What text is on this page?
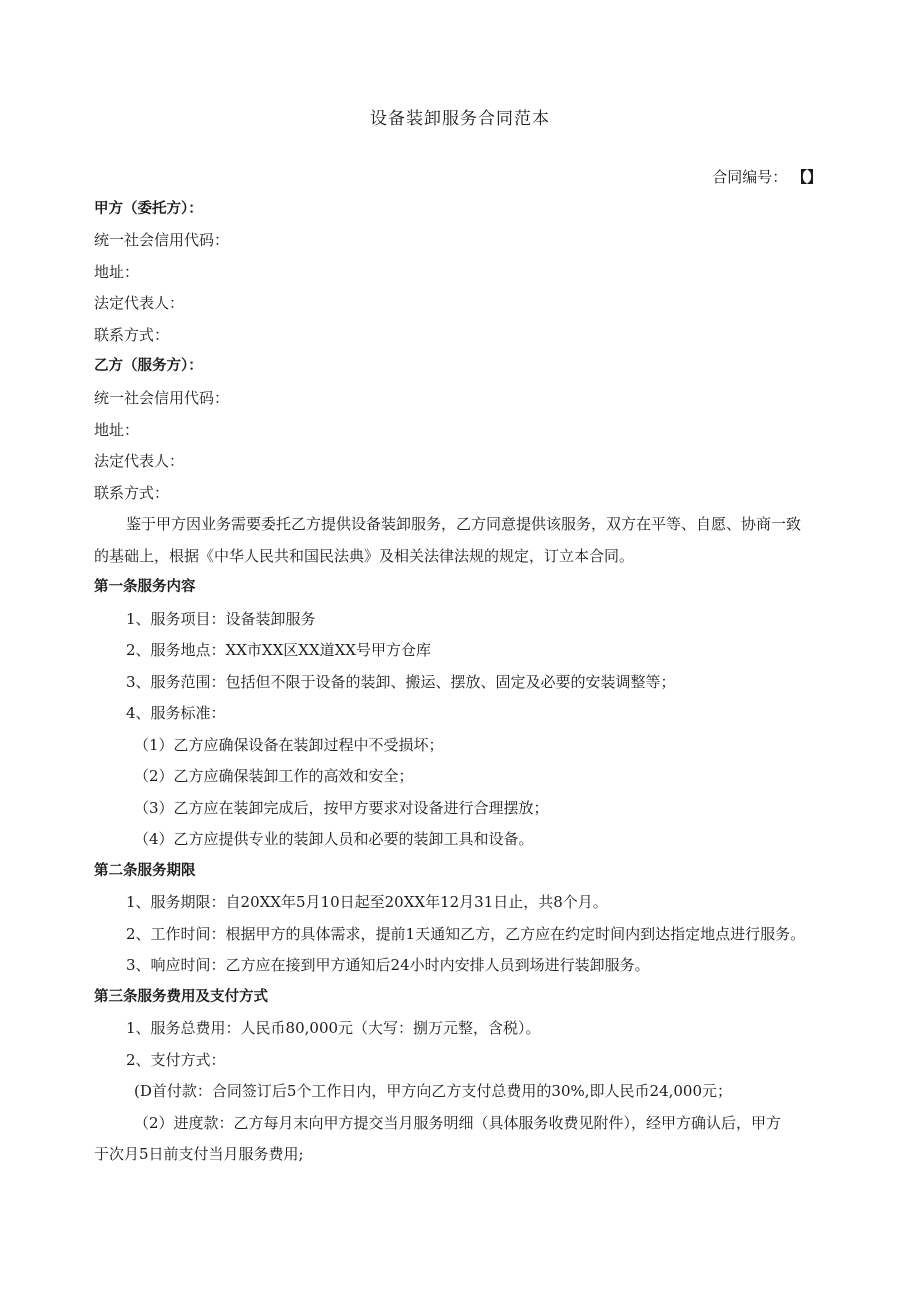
设备装卸服务合同范本
合同编号： 【】
甲方（委托方）：
统一社会信用代码：
地址：
法定代表人：
联系方式：
乙方（服务方）：
统一社会信用代码：
地址：
法定代表人：
联系方式：
鉴于甲方因业务需要委托乙方提供设备装卸服务，乙方同意提供该服务，双方在平等、自愿、协商一致
的基础上，根据《中华人民共和国民法典》及相关法律法规的规定，订立本合同。
第一条服务内容
1、服务项目：设备装卸服务
2、服务地点：XX市XX区XX道XX号甲方仓库
3、服务范围：包括但不限于设备的装卸、搬运、摆放、固定及必要的安装调整等；
4、服务标准：
（1）乙方应确保设备在装卸过程中不受损坏；
（2）乙方应确保装卸工作的高效和安全；
（3）乙方应在装卸完成后，按甲方要求对设备进行合理摆放；
（4）乙方应提供专业的装卸人员和必要的装卸工具和设备。
第二条服务期限
1、服务期限：自20XX年5月10日起至20XX年12月31日止，共8个月。
2、工作时间：根据甲方的具体需求，提前1天通知乙方，乙方应在约定时间内到达指定地点进行服务。
3、响应时间：乙方应在接到甲方通知后24小时内安排人员到场进行装卸服务。
第三条服务费用及支付方式
1、服务总费用：人民币80,000元（大写：捌万元整，含税）。
2、支付方式：
(D首付款：合同签订后5个工作日内，甲方向乙方支付总费用的30%,即人民币24,000元；
（2）进度款：乙方每月末向甲方提交当月服务明细（具体服务收费见附件），经甲方确认后，甲方
于次月5日前支付当月服务费用;
